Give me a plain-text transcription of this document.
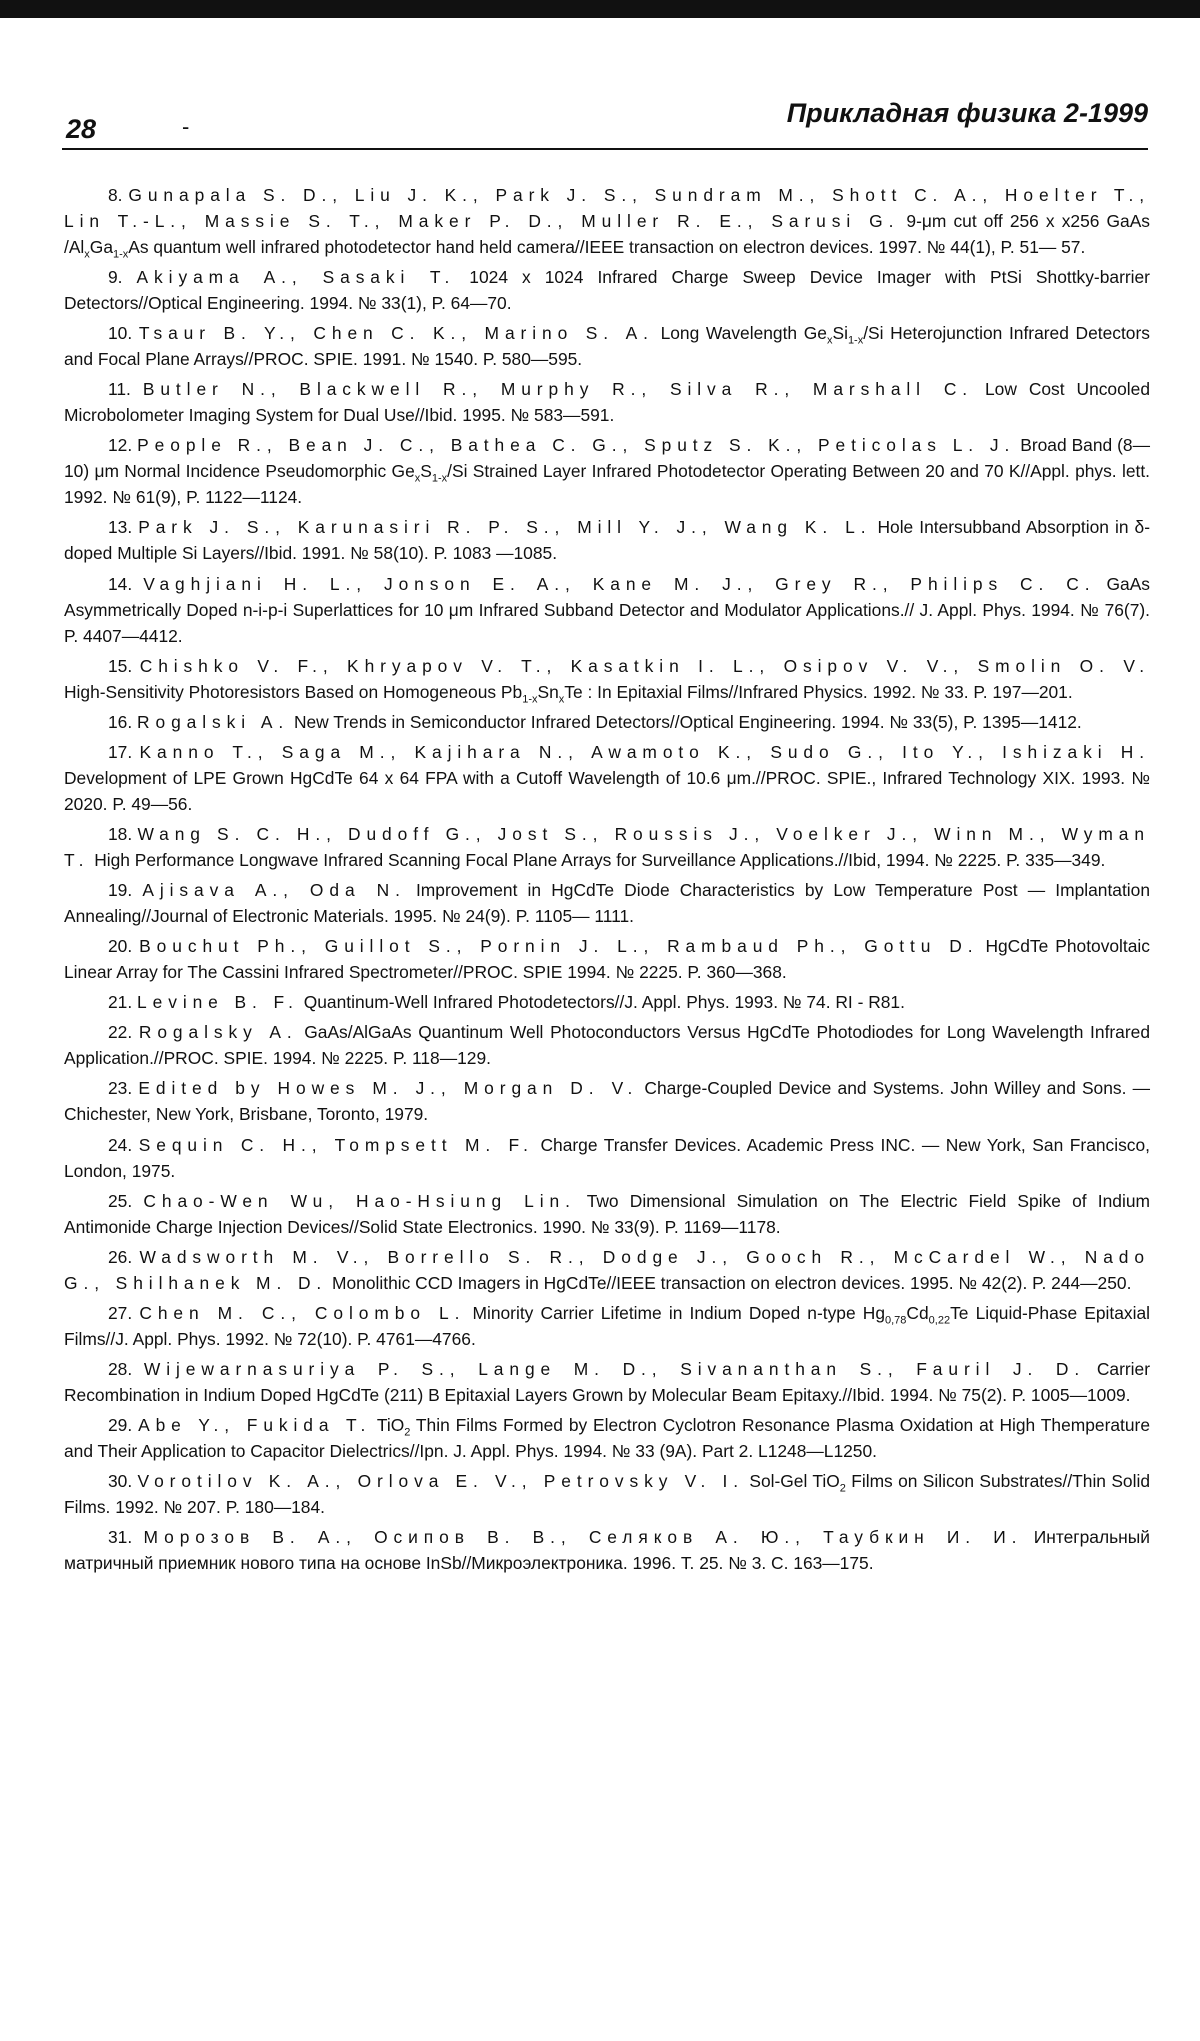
28	-	Прикладная физика 2-1999

8. Gunapala S. D., Liu J. K., Park J. S., Sundram M., Shott C. A., Hoelter T., Lin T.-L., Massie S. T., Maker P. D., Muller R. E., Sarusi G. 9-μm cut off 256 x x256 GaAs $/Al_xGa_{1-x}As$ quantum well infrared photodetector hand held camera//IEEE transaction on electron devices. 1997. № 44(1), P. 51— 57.

9. Akiyama A., Sasaki T. 1024 x 1024 Infrared Charge Sweep Device Imager with PtSi Shottky-barrier Detectors//Optical Engineering. 1994. № 33(1), P. 64—70.

10. Tsaur B. Y., Chen C. K., Marino S. A. Long Wavelength $Ge_xSi_{1-x}/Si$ Heterojunction Infrared Detectors and Focal Plane Arrays//PROC. SPIE. 1991. № 1540. P. 580—595.

11. Butler N., Blackwell R., Murphy R., Silva R., Marshall C. Low Cost Uncooled Microbolometer Imaging System for Dual Use//Ibid. 1995. № 583—591.

12. People R., Bean J. C., Bathea C. G., Sputz S. K., Peticolas L. J. Broad Band (8—10) μm Normal Incidence Pseudomorphic $Ge_xS_{1-x}/Si$ Strained Layer Infrared Photodetector Operating Between 20 and 70 K//Appl. phys. lett. 1992. № 61(9), P. 1122—1124.

13. Park J. S., Karunasiri R. P. S., Mill Y. J., Wang K. L. Hole Intersubband Absorption in δ-doped Multiple Si Layers//Ibid. 1991. № 58(10). P. 1083 —1085.

14. Vaghjiani H. L., Jonson E. A., Kane M. J., Grey R., Philips C. C. GaAs Asymmetrically Doped n-i-p-i Superlattices for 10 μm Infrared Subband Detector and Modulator Applications.// J. Appl. Phys. 1994. № 76(7). P. 4407—4412.

15. Chishko V. F., Khryapov V. T., Kasatkin I. L., Osipov V. V., Smolin O. V. High-Sensitivity Photoresistors Based on Homogeneous $Pb_{1-x}Sn_xTe$ : In Epitaxial Films//Infrared Physics. 1992. № 33. P. 197—201.

16. Rogalski A. New Trends in Semiconductor Infrared Detectors//Optical Engineering. 1994. № 33(5), P. 1395—1412.

17. Kanno T., Saga M., Kajihara N., Awamoto K., Sudo G., Ito Y., Ishizaki H. Development of LPE Grown HgCdTe 64 x 64 FPA with a Cutoff Wavelength of 10.6 μm.//PROC. SPIE., Infrared Technology XIX. 1993. № 2020. P. 49—56.

18. Wang S. C. H., Dudoff G., Jost S., Roussis J., Voelker J., Winn M., Wyman T. High Performance Longwave Infrared Scanning Focal Plane Arrays for Surveillance Applications.//Ibid, 1994. № 2225. P. 335—349.

19. Ajisava A., Oda N. Improvement in HgCdTe Diode Characteristics by Low Temperature Post — Implantation Annealing//Journal of Electronic Materials. 1995. № 24(9). P. 1105— 1111.

20. Bouchut Ph., Guillot S., Pornin J. L., Rambaud Ph., Gottu D. HgCdTe Photovoltaic Linear Array for The Cassini Infrared Spectrometer//PROC. SPIE 1994. № 2225. P. 360—368.

21. Levine B. F. Quantinum-Well Infrared Photodetectors//J. Appl. Phys. 1993. № 74. RI - R81.

22. Rogalsky A. GaAs/AlGaAs Quantinum Well Photoconductors Versus HgCdTe Photodiodes for Long Wavelength Infrared Application.//PROC. SPIE. 1994. № 2225. P. 118—129.

23. Edited by Howes M. J., Morgan D. V. Charge-Coupled Device and Systems. John Willey and Sons. — Chichester, New York, Brisbane, Toronto, 1979.

24. Sequin C. H., Tompsett M. F. Charge Transfer Devices. Academic Press INC. — New York, San Francisco, London, 1975.

25. Chao-Wen Wu, Hao-Hsiung Lin. Two Dimensional Simulation on The Electric Field Spike of Indium Antimonide Charge Injection Devices//Solid State Electronics. 1990. № 33(9). P. 1169—1178.

26. Wadsworth M. V., Borrello S. R., Dodge J., Gooch R., McCardel W., Nado G., Shilhanek M. D. Monolithic CCD Imagers in HgCdTe//IEEE transaction on electron devices. 1995. № 42(2). P. 244—250.

27. Chen M. C., Colombo L. Minority Carrier Lifetime in Indium Doped n-type $Hg_{0,78}Cd_{0,22}Te$ Liquid-Phase Epitaxial Films//J. Appl. Phys. 1992. № 72(10). P. 4761—4766.

28. Wijewarnasuriya P. S., Lange M. D., Sivananthan S., Fauril J. D. Carrier Recombination in Indium Doped HgCdTe (211) B Epitaxial Layers Grown by Molecular Beam Epitaxy.//Ibid. 1994. № 75(2). P. 1005—1009.

29. Abe Y., Fukida T. TiO$_2$ Thin Films Formed by Electron Cyclotron Resonance Plasma Oxidation at High Themperature and Their Application to Capacitor Dielectrics//Ipn. J. Appl. Phys. 1994. № 33 (9A). Part 2. L1248—L1250.

30. Vorotilov K. A., Orlova E. V., Petrovsky V. I. Sol-Gel TiO$_2$ Films on Silicon Substrates//Thin Solid Films. 1992. № 207. P. 180—184.

31. Морозов В. А., Осипов В. В., Селяков А. Ю., Таубкин И. И. Интегральный матричный приемник нового типа на основе InSb//Микроэлектроника. 1996. Т. 25. № 3. С. 163—175.
